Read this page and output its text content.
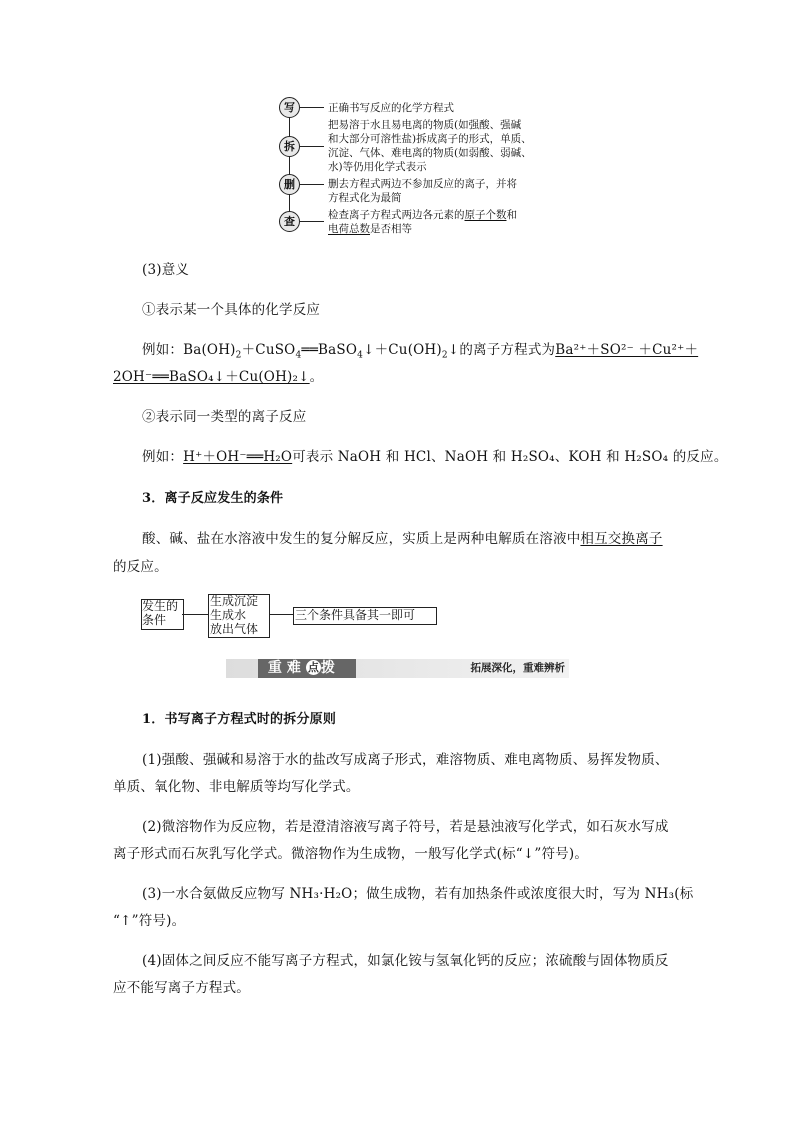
写	正确书写反应的化学方程式
拆
把易溶于水且易电离的物质(如强酸、强碱
和大部分可溶性盐)拆成离子的形式，单质、
沉淀、气体、难电离的物质(如弱酸、弱碱、
水)等仍用化学式表示
删	删去方程式两边不参加反应的离子，并将
方程式化为最简
查	检查离子方程式两边各元素的原子个数和
电荷总数是否相等
(3)意义
①表示某一个具体的化学反应
例如：$Ba(OH)_2+CuSO_4══BaSO_4↓+Cu(OH)_2↓$的离子方程式为Ba²⁺＋SO²⁻ ＋Cu²⁺＋
2OH⁻══BaSO₄↓＋Cu(OH)₂↓。
②表示同一类型的离子反应
例如：H⁺＋OH⁻══H₂O可表示 NaOH 和 HCl、NaOH 和 H₂SO₄、KOH 和 H₂SO₄ 的反应。
3．离子反应发生的条件
酸、碱、盐在水溶液中发生的复分解反应，实质上是两种电解质在溶液中相互交换离子
的反应。
发生的
条件
生成沉淀
生成水
放出气体
三个条件具备其一即可
拓展深化，重难辨析
重难 点 拨
1．书写离子方程式时的拆分原则
(1)强酸、强碱和易溶于水的盐改写成离子形式，难溶物质、难电离物质、易挥发物质、
单质、氧化物、非电解质等均写化学式。
(2)微溶物作为反应物，若是澄清溶液写离子符号，若是悬浊液写化学式，如石灰水写成
离子形式而石灰乳写化学式。微溶物作为生成物，一般写化学式(标“↓”符号)。
(3)一水合氨做反应物写 NH₃·H₂O；做生成物，若有加热条件或浓度很大时，写为 NH₃(标
“↑”符号)。
(4)固体之间反应不能写离子方程式，如氯化铵与氢氧化钙的反应；浓硫酸与固体物质反
应不能写离子方程式。
